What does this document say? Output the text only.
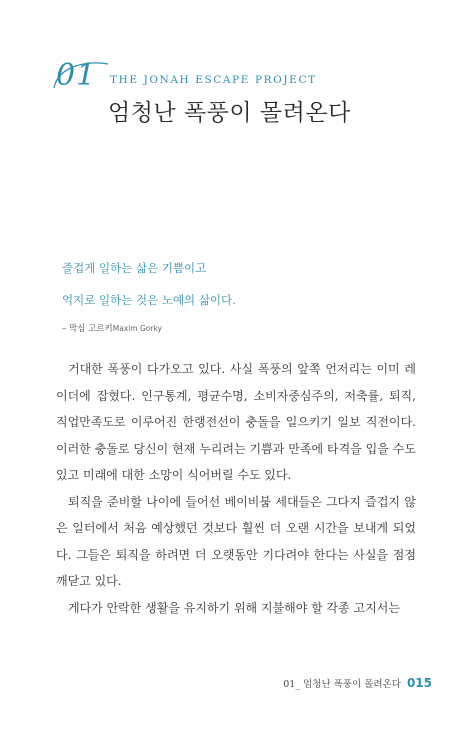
01 THE JONAH ESCAPE PROJECT
엄청난 폭풍이 몰려온다

즐겁게 일하는 삶은 기쁨이고

억지로 일하는 것은 노예의 삶이다.

– 막심 고르키Maxim Gorky

거대한 폭풍이 다가오고 있다. 사실 폭풍의 앞쪽 언저리는 이미 레이더에 잡혔다. 인구통계, 평균수명, 소비자중심주의, 저축률, 퇴직, 직업만족도로 이루어진 한랭전선이 충돌을 일으키기 일보 직전이다. 이러한 충돌로 당신이 현재 누리려는 기쁨과 만족에 타격을 입을 수도 있고 미래에 대한 소망이 식어버릴 수도 있다.

퇴직을 준비할 나이에 들어선 베이비붐 세대들은 그다지 즐겁지 않은 일터에서 처음 예상했던 것보다 훨씬 더 오랜 시간을 보내게 되었다. 그들은 퇴직을 하려면 더 오랫동안 기다려야 한다는 사실을 점점 깨닫고 있다.

게다가 안락한 생활을 유지하기 위해 지불해야 할 각종 고지서는

01_ 엄청난 폭풍이 몰려온다 015
